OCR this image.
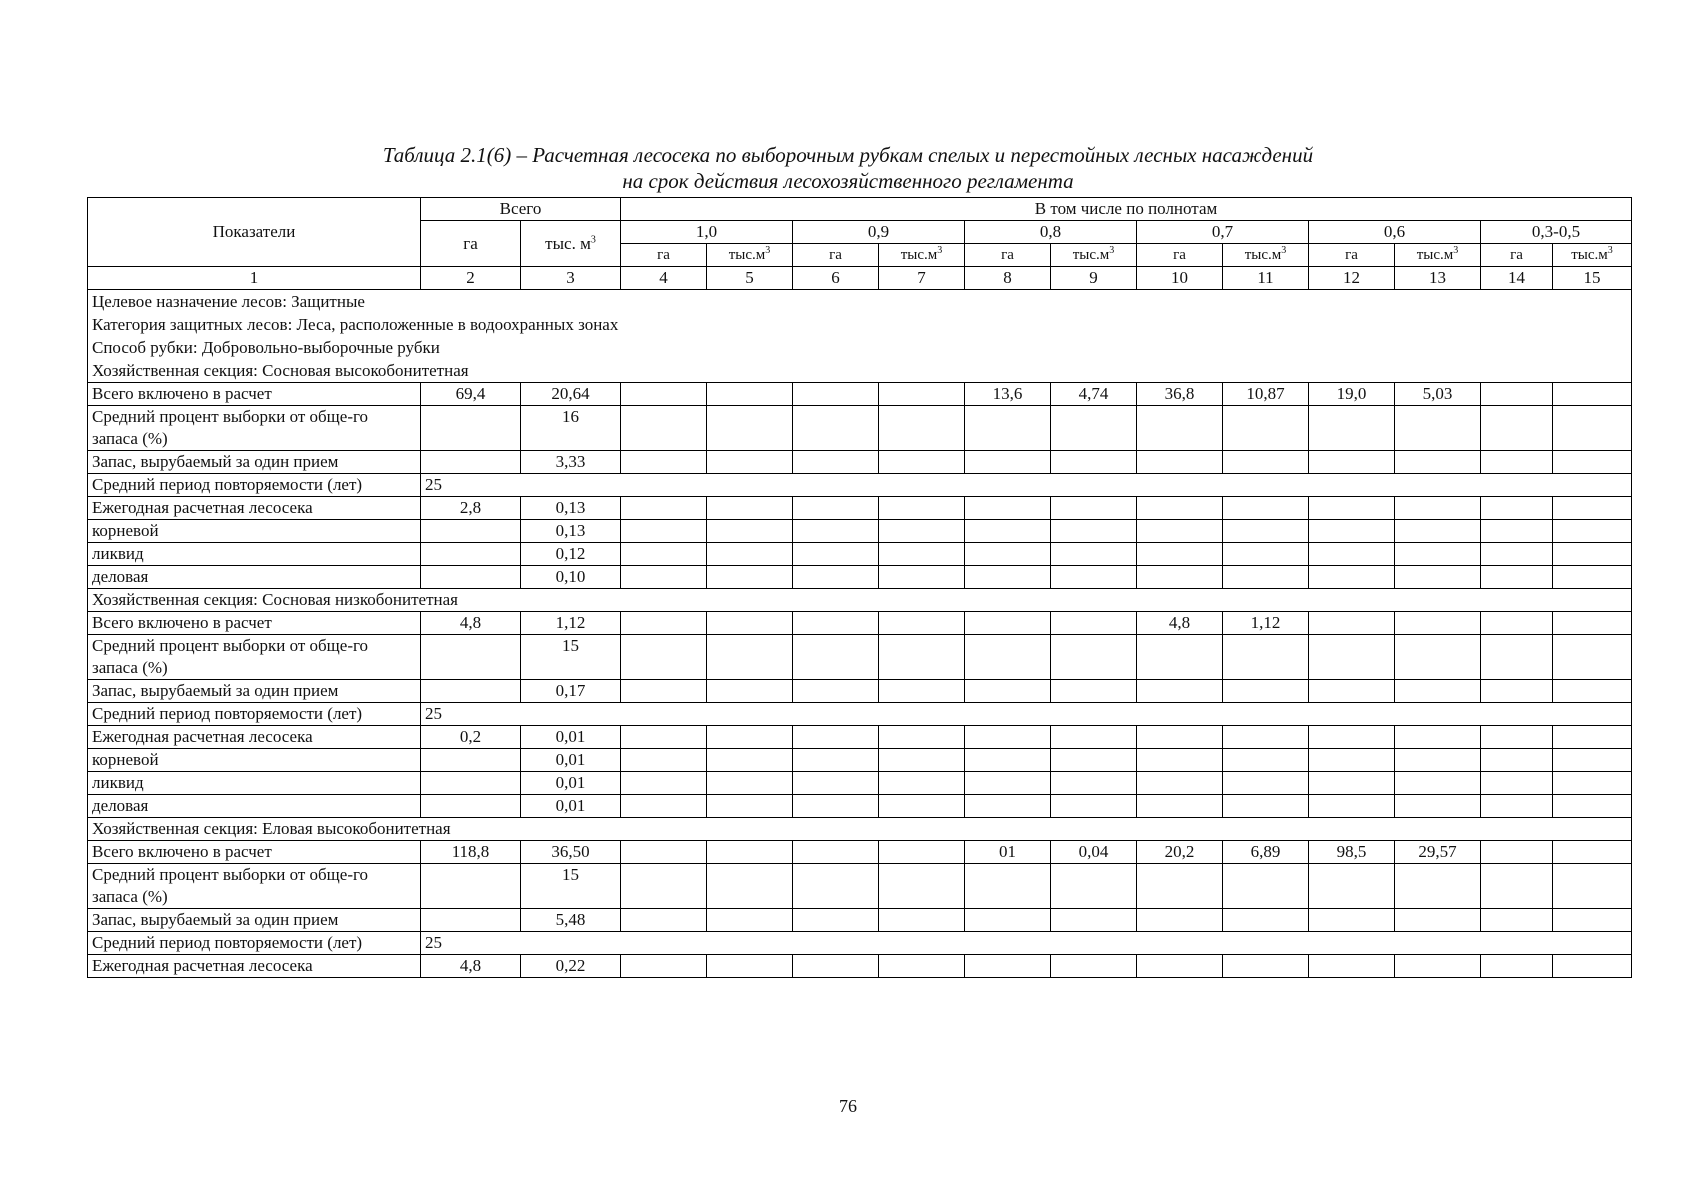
Таблица 2.1(6) – Расчетная лесосека по выборочным рубкам спелых и перестойных лесных насаждений
на срок действия лесохозяйственного регламента
Показатели	Всего		В том числе по полнотам											
	га	тыс. $м^3$	1,0		0,9		0,8		0,7		0,6		0,3-0,5	
			га	$тыс.м^3$	га	$тыс.м^3$	га	$тыс.м^3$	га	$тыс.м^3$	га	$тыс.м^3$	га	$тыс.м^3$
1	2	3	4	5	6	7	8	9	10	11	12	13	14	15

Целевое назначение лесов: Защитные
Категория защитных лесов: Леса, расположенные в водоохранных зонах
Способ рубки: Добровольно-выборочные рубки
Хозяйственная секция: Сосновая высокобонитетная														

Всего включено в расчет	69,4	20,64					13,6	4,74	36,8	10,87	19,0	5,03		
Средний процент выборки от обще-го запаса (%)		16												
Запас, вырубаемый за один прием		3,33												
Средний период повторяемости (лет)	25													
Ежегодная расчетная лесосека	2,8	0,13												
корневой		0,13												
ликвид		0,12												
деловая		0,10												
Хозяйственная секция: Сосновая низкобонитетная														
Всего включено в расчет	4,8	1,12							4,8	1,12				
Средний процент выборки от обще-го запаса (%)		15												
Запас, вырубаемый за один прием		0,17												
Средний период повторяемости (лет)	25													
Ежегодная расчетная лесосека	0,2	0,01												
корневой		0,01												
ликвид		0,01												
деловая		0,01												
Хозяйственная секция: Еловая высокобонитетная														
Всего включено в расчет	118,8	36,50					01	0,04	20,2	6,89	98,5	29,57		
Средний процент выборки от обще-го запаса (%)		15												
Запас, вырубаемый за один прием		5,48												
Средний период повторяемости (лет)	25													
Ежегодная расчетная лесосека	4,8	0,22												
76
